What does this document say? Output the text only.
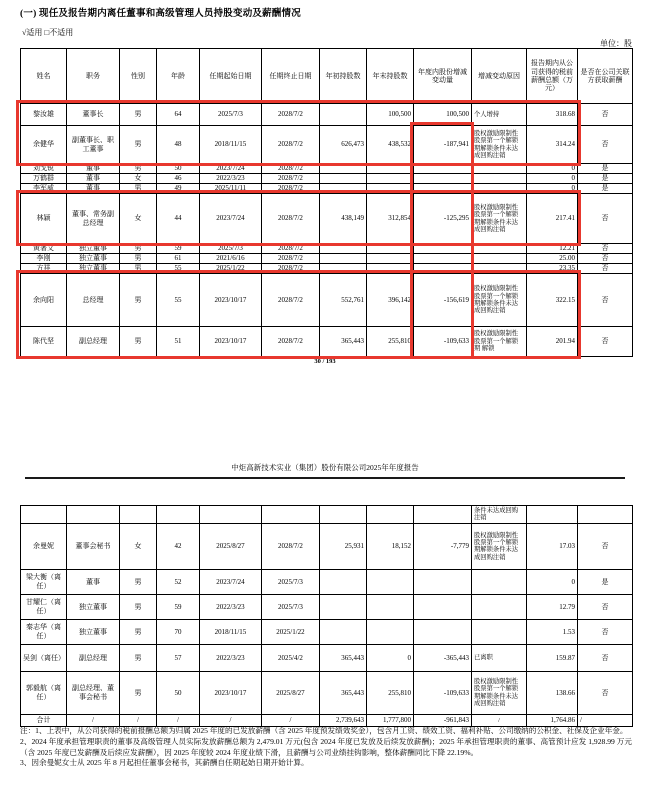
(一) 现任及报告期内离任董事和高级管理人员持股变动及薪酬情况
√适用 □不适用
单位：股
姓名	职务	性别	年龄	任期起始日期	任期终止日期	年初持股数	年末持股数	年度内股份增减变动量	增减变动原因	报告期内从公司获得的税前薪酬总额（万元）	是否在公司关联方获取薪酬
黎汝雄	董事长	男	64	2025/7/3	2028/7/2		100,500	100,500	个人增持	318.68	否
余健华	副董事长、职工董事	男	48	2018/11/15	2028/7/2	626,473	438,532	-187,941	股权激励限制性股票第一个解锁期解锁条件未达成回购注销	314.24	否
刘戈锐	董事	男	50	2023/7/24	2028/7/2					0	是
万鹤群	董事	女	46	2022/3/23	2028/7/2					0	是
李军威	董事	男	49	2025/11/11	2028/7/2					0	是
林颖	董事、常务副总经理	女	44	2023/7/24	2028/7/2	438,149	312,854	-125,295	股权激励限制性股票第一个解锁期解锁条件未达成回购注销	217.41	否
黄著文	独立董事	男	59	2025/7/3	2028/7/2					12.21	否
李刚	独立董事	男	61	2021/6/16	2028/7/2					25.00	否
方祥	独立董事	男	55	2025/1/22	2028/7/2					23.35	否
余向阳	总经理	男	55	2023/10/17	2028/7/2	552,761	396,142	-156,619	股权激励限制性股票第一个解锁期解锁条件未达成回购注销	322.15	否
陈代坚	副总经理	男	51	2023/10/17	2028/7/2	365,443	255,810	-109,633	股权激励限制性股票第一个解锁期 解锁	201.94	否
30 / 193
中炬高新技术实业（集团）股份有限公司2025年年度报告
									条件未达成回购注销		
余曼妮	董事会秘书	女	42	2025/8/27	2028/7/2	25,931	18,152	-7,779	股权激励限制性股票第一个解锁期解锁条件未达成回购注销	17.03	否
梁大衡（离任）	董事	男	52	2023/7/24	2025/7/3					0	是
甘耀仁（离任）	独立董事	男	59	2022/3/23	2025/7/3					12.79	否
秦志华（离任）	独立董事	男	70	2018/11/15	2025/1/22					1.53	否
吴剑（离任）	副总经理	男	57	2022/3/23	2025/4/2	365,443	0	-365,443	已离职	159.87	否
郭毅航（离任）	副总经理、董事会秘书	男	50	2023/10/17	2025/8/27	365,443	255,810	-109,633	股权激励限制性股票第一个解锁期解锁条件未达成回购注销	138.66	否
合计	/	/	/	/	/	2,739,643	1,777,800	-961,843	/	1,764.86	/

注：1、上表中，从公司获得的税前报酬总额为归属 2025 年度的已发放薪酬（含 2025 年度预发绩效奖金），包含月工资、绩效工资、福利补贴、公司缴纳的公积金、社保及企业年金。

2、2024 年度承担管理职责的董事及高级管理人员实际发放薪酬总额为 2,479.01 万元(包含 2024 年度已发放及后续发放薪酬)；2025 年承担管理职责的董事、高管预计应发 1,928.99 万元（含 2025 年度已发薪酬及后续应发薪酬），因 2025 年度较 2024 年度业绩下滑，且薪酬与公司业绩挂钩影响，整体薪酬同比下降 22.19%。

3、因余曼妮女士从 2025 年 8 月起担任董事会秘书，其薪酬自任期起始日期开始计算。
